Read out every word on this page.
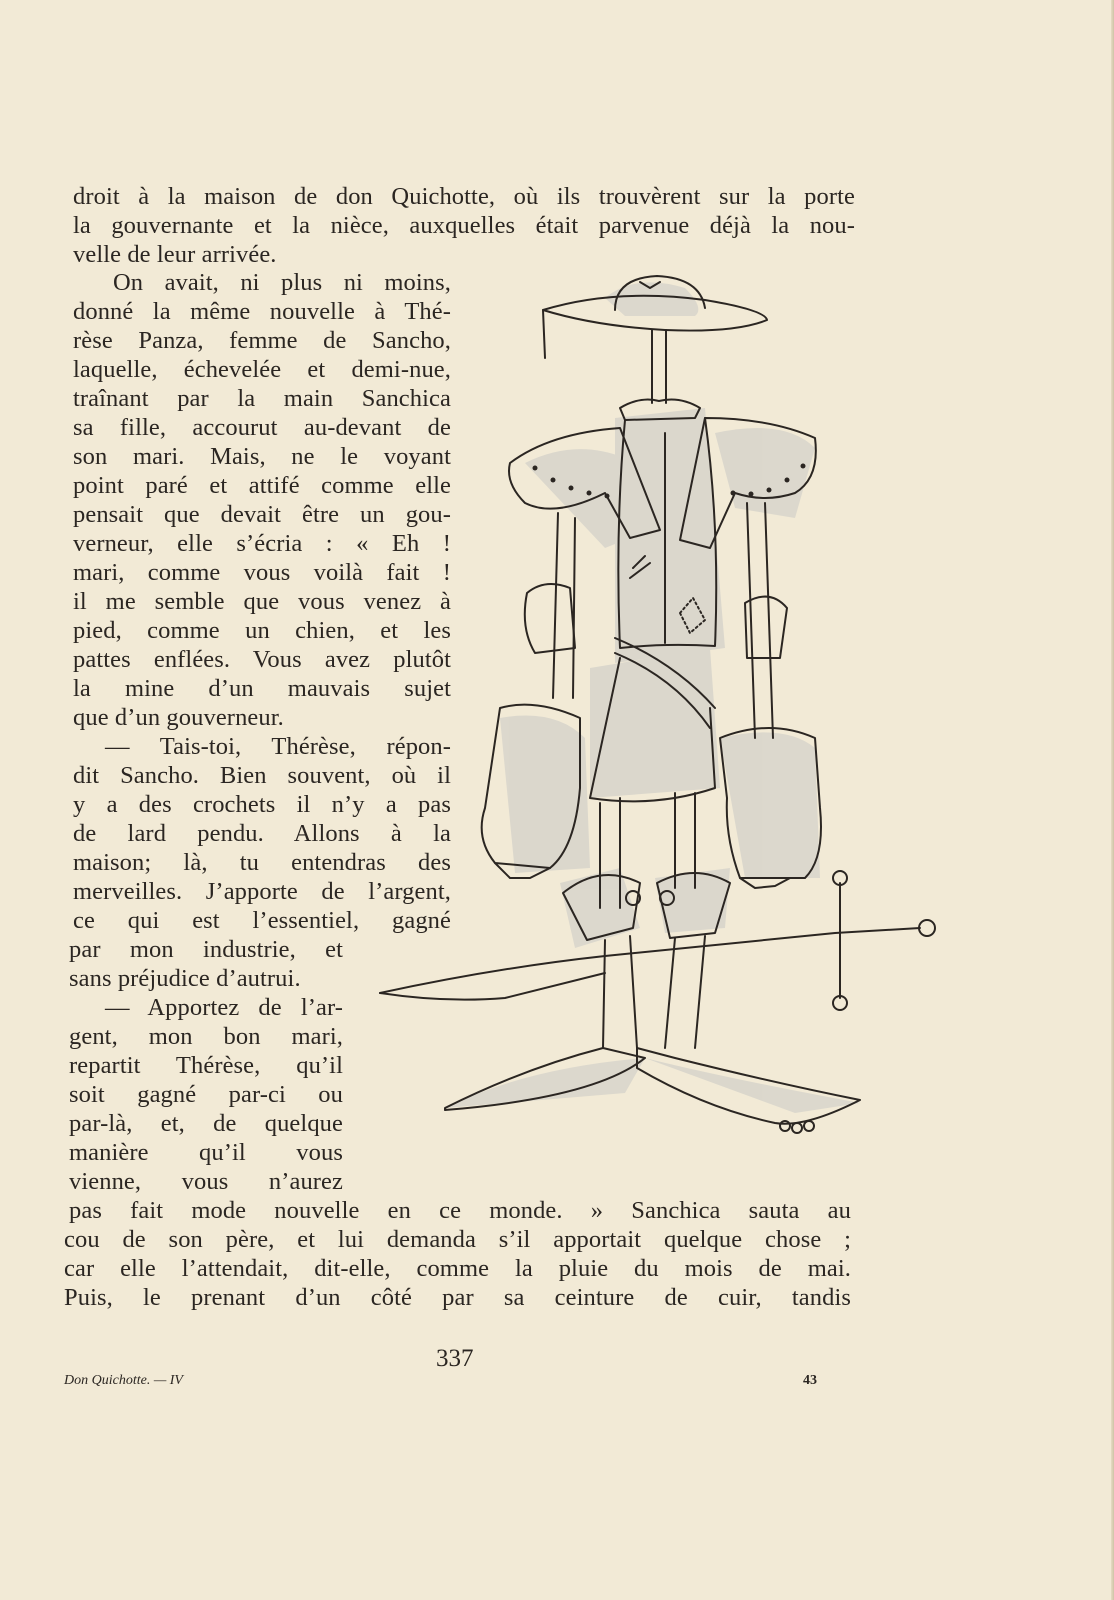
droit à la maison de don Quichotte, où ils trouvèrent sur la porte
la gouvernante et la nièce, auxquelles était parvenue déjà la nou-
velle de leur arrivée.
On avait, ni plus ni moins,
donné la même nouvelle à Thé-
rèse Panza, femme de Sancho,
laquelle, échevelée et demi-nue,
traînant par la main Sanchica
sa fille, accourut au-devant de
son mari. Mais, ne le voyant
point paré et attifé comme elle
pensait que devait être un gou-
verneur, elle s’écria : « Eh !
mari, comme vous voilà fait !
il me semble que vous venez à
pied, comme un chien, et les
pattes enflées. Vous avez plutôt
la mine d’un mauvais sujet
que d’un gouverneur.
— Tais-toi, Thérèse, répon-
dit Sancho. Bien souvent, où il
y a des crochets il n’y a pas
de lard pendu. Allons à la
maison; là, tu entendras des
merveilles. J’apporte de l’argent,
ce qui est l’essentiel, gagné
par mon industrie, et
sans préjudice d’autrui.
— Apportez de l’ar-
gent, mon bon mari,
repartit Thérèse, qu’il
soit gagné par-ci ou
par-là, et, de quelque
manière qu’il vous
vienne, vous n’aurez
pas fait mode nouvelle en ce monde. » Sanchica sauta au
cou de son père, et lui demanda s’il apportait quelque chose ;
car elle l’attendait, dit-elle, comme la pluie du mois de mai.
Puis, le prenant d’un côté par sa ceinture de cuir, tandis
337
Don Quichotte. — IV	43
